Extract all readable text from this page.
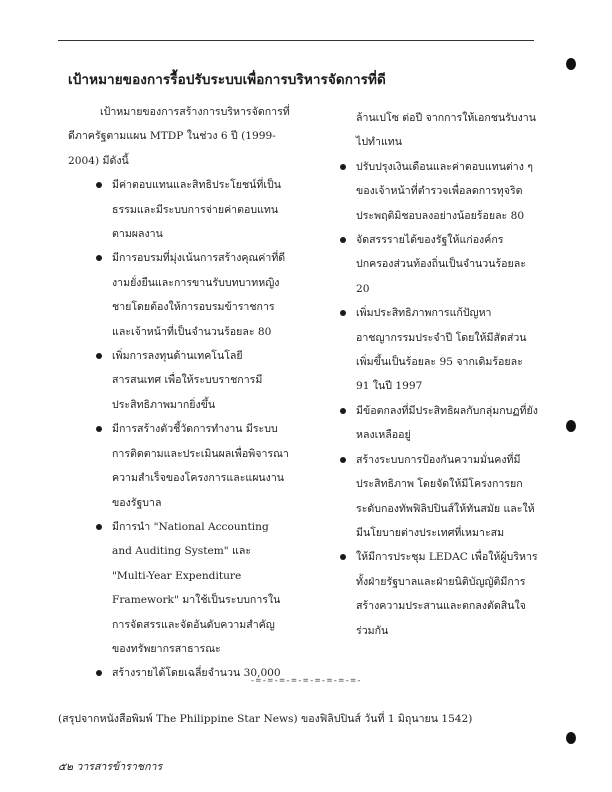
เป้าหมายของการรื้อปรับระบบเพื่อการบริหารจัดการที่ดี

เป้าหมายของการสร้างการบริหารจัดการที่ดีภาครัฐตามแผน MTDP ในช่วง 6 ปี (1999-2004) มีดังนี้

มีค่าตอบแทนและสิทธิประโยชน์ที่เป็นธรรมและมีระบบการจ่ายค่าตอบแทนตามผลงาน
มีการอบรมที่มุ่งเน้นการสร้างคุณค่าที่ดีงามยั่งยืนและการขานรับบทบาทหญิงชายโดยต้องให้การอบรมข้าราชการและเจ้าหน้าที่เป็นจำนวนร้อยละ 80
เพิ่มการลงทุนด้านเทคโนโลยีสารสนเทศ เพื่อให้ระบบราชการมีประสิทธิภาพมากยิ่งขึ้น
มีการสร้างตัวชี้วัดการทำงาน มีระบบการติดตามและประเมินผลเพื่อพิจารณาความสำเร็จของโครงการและแผนงานของรัฐบาล
มีการนำ "National Accounting and Auditing System" และ "Multi-Year Expenditure Framework" มาใช้เป็นระบบการในการจัดสรรและจัดอันดับความสำคัญของทรัพยากรสาธารณะ
สร้างรายได้โดยเฉลี่ยจำนวน 30,000

ล้านเปโซ ต่อปี จากการให้เอกชนรับงานไปทำแทน

ปรับปรุงเงินเดือนและค่าตอบแทนต่าง ๆ ของเจ้าหน้าที่ตำรวจเพื่อลดการทุจริตประพฤติมิชอบลงอย่างน้อยร้อยละ 80
จัดสรรรายได้ของรัฐให้แก่องค์กรปกครองส่วนท้องถิ่นเป็นจำนวนร้อยละ 20
เพิ่มประสิทธิภาพการแก้ปัญหาอาชญากรรมประจำปี โดยให้มีสัดส่วนเพิ่มขึ้นเป็นร้อยละ 95 จากเดิมร้อยละ 91 ในปี 1997
มีข้อตกลงที่มีประสิทธิผลกับกลุ่มกบฏที่ยังหลงเหลืออยู่
สร้างระบบการป้องกันความมั่นคงที่มีประสิทธิภาพ โดยจัดให้มีโครงการยกระดับกองทัพฟิลิปปินส์ให้ทันสมัย และให้มีนโยบายต่างประเทศที่เหมาะสม
ให้มีการประชุม LEDAC เพื่อให้ผู้บริหารทั้งฝ่ายรัฐบาลและฝ่ายนิติบัญญัติมีการสร้างความประสานและตกลงตัดสินใจร่วมกัน
-=-=-=-=-=-=-=-=-=-
(สรุปจากหนังสือพิมพ์ The Philippine Star News) ของฟิลิปปินส์ วันที่ 1 มิถุนายน 1542)
๕๒ วารสารข้าราชการ
